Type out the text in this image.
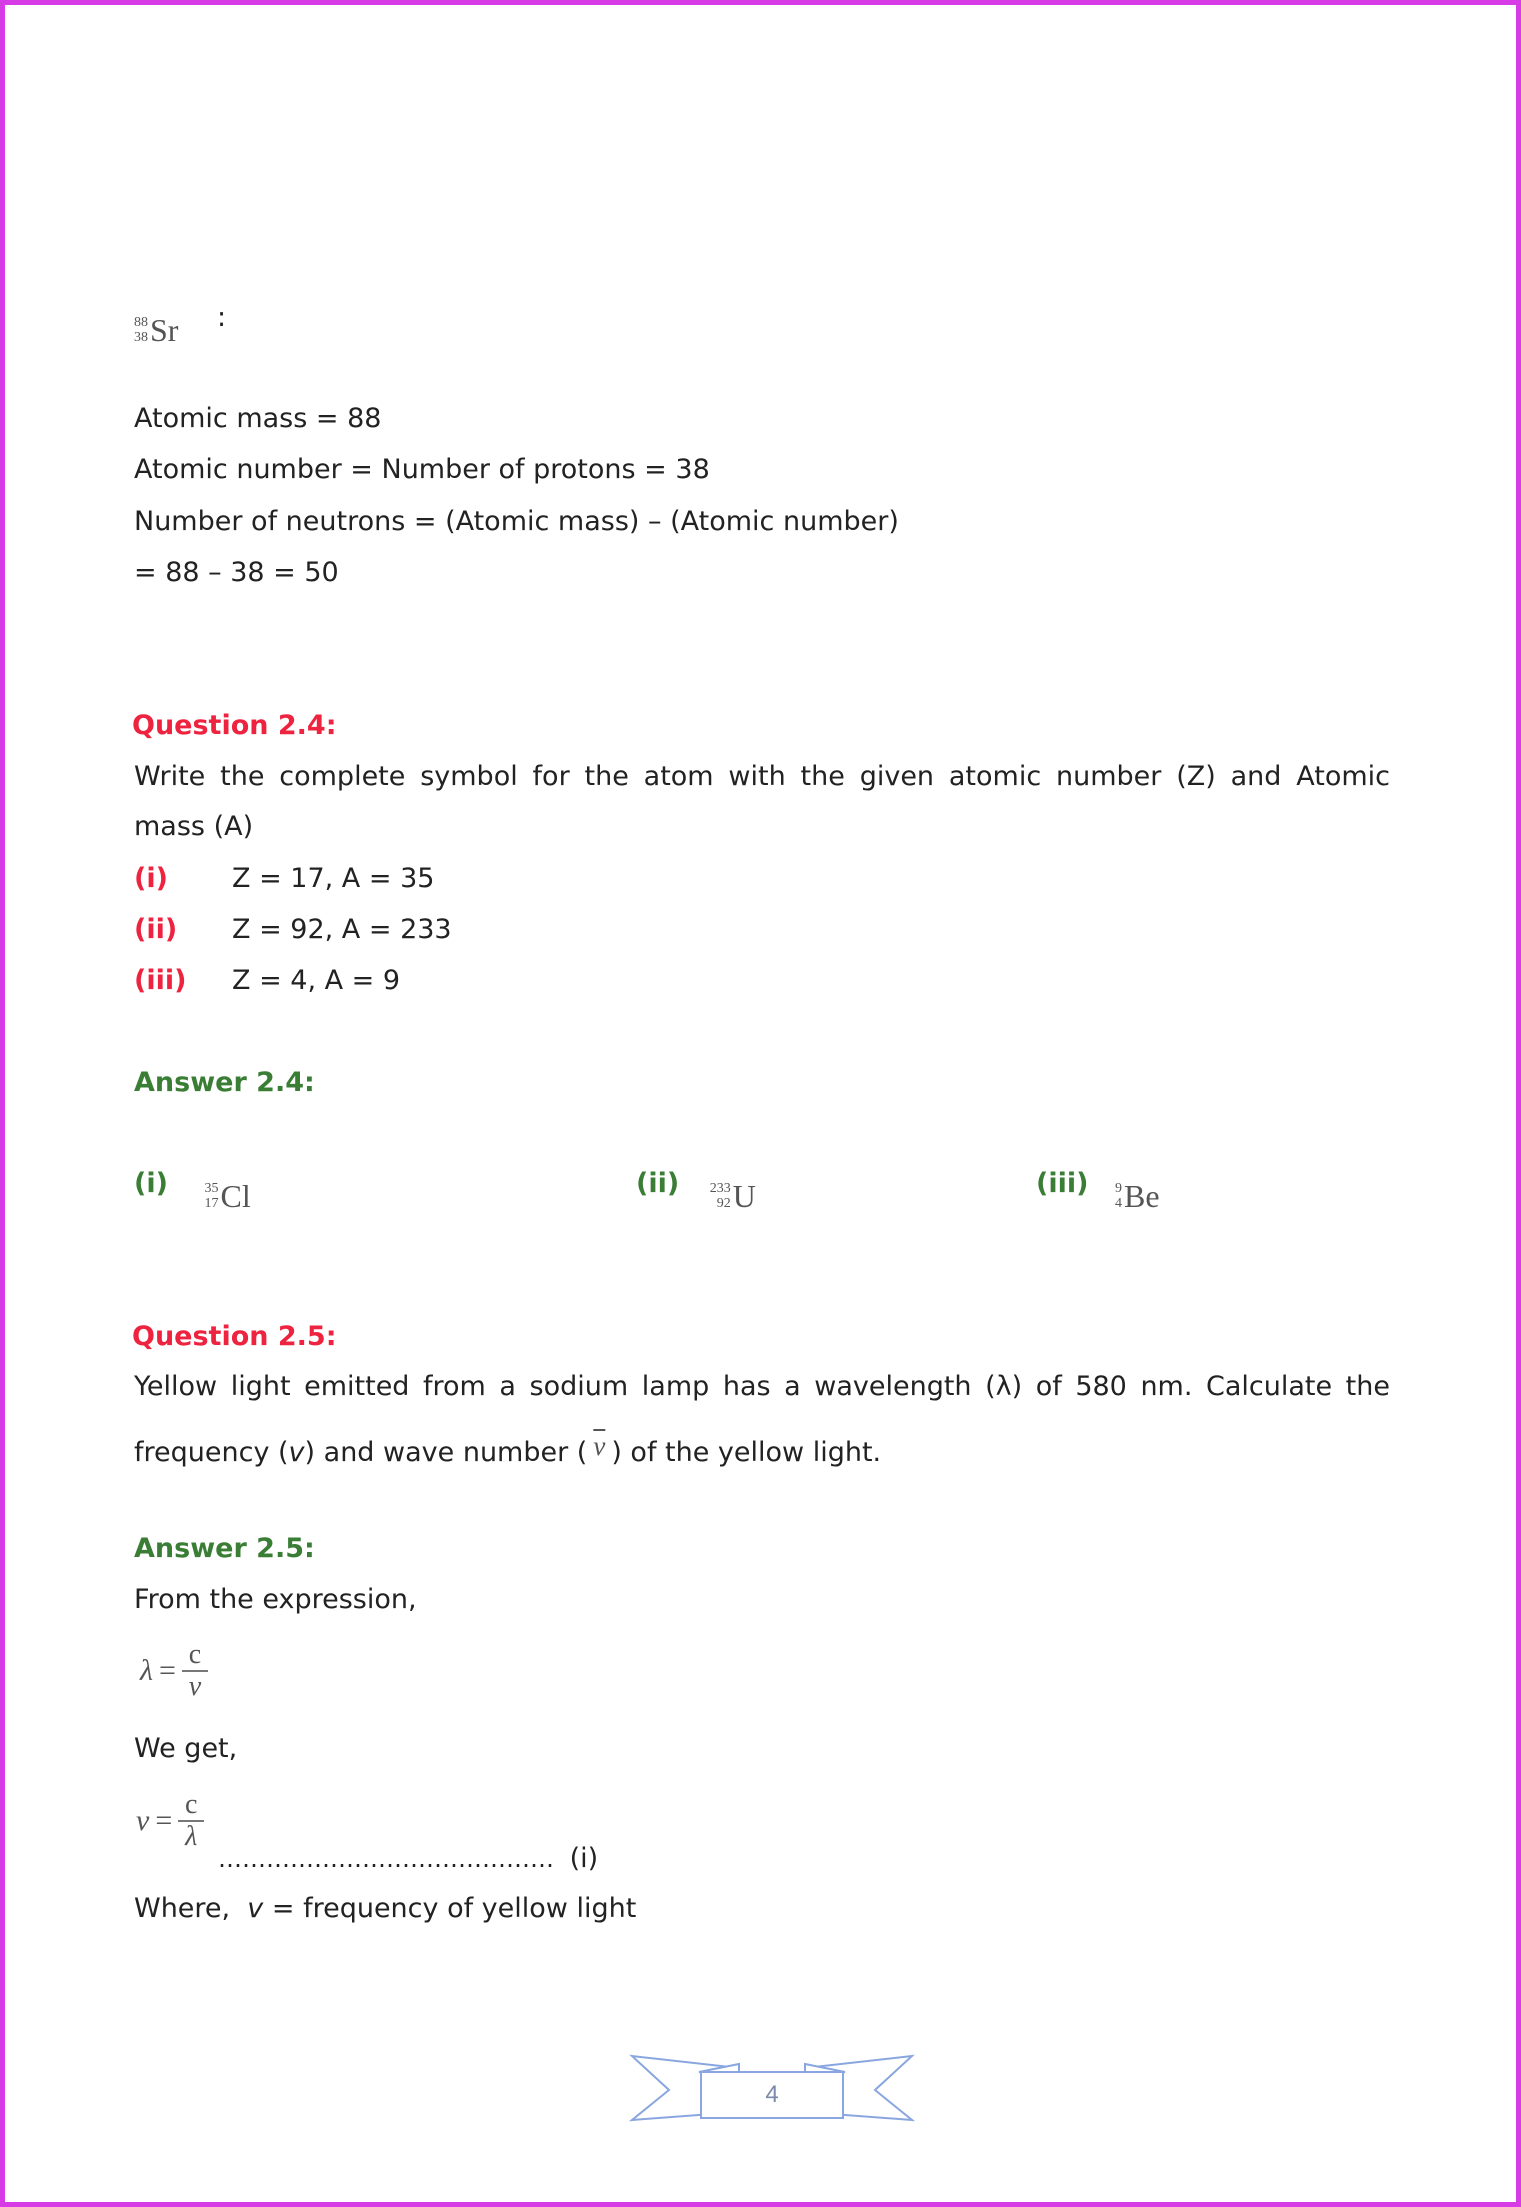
88
38 Sr :
Atomic mass = 88
Atomic number = Number of protons = 38
Number of neutrons = (Atomic mass) – (Atomic number)
= 88 – 38 = 50
Question 2.4:
Write the complete symbol for the atom with the given atomic number (Z) and Atomic
mass (A)
(i) Z = 17, A = 35
(ii) Z = 92, A = 233
(iii) Z = 4, A = 9
Answer 2.4:
(i)	35
17 Cl	(ii) 233
92 U	(iii) 9
4 Be
Question 2.5:
Yellow light emitted from a sodium lamp has a wavelength (λ) of 580 nm. Calculate the
frequency (v) and wave number ( $\overline{\nu}$ ) of the yellow light.
Answer 2.5:
From the expression,
$\lambda = \frac{c}{\nu}$
We get,
$\nu = \frac{c}{\lambda}$
…………………………………… (i)
Where,  v = frequency of yellow light
4
